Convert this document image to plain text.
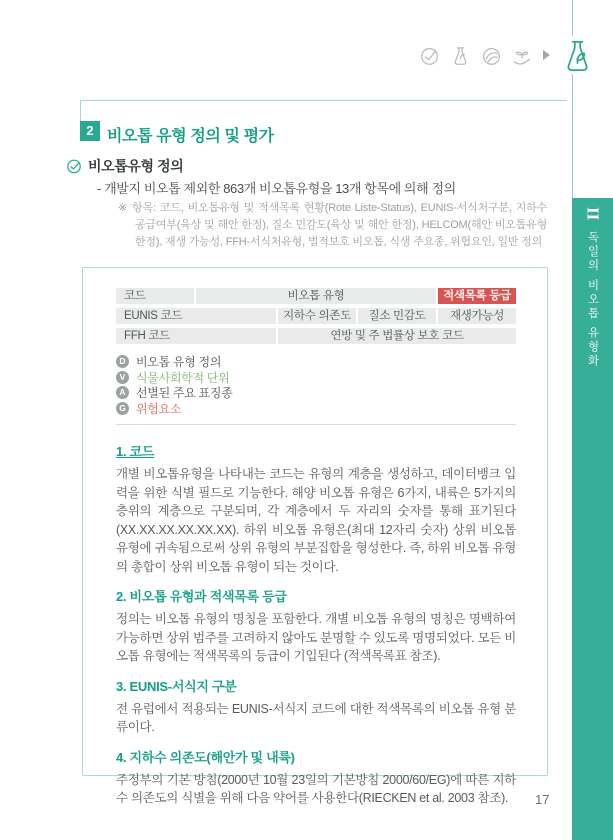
II
독일의 비오톱 유형화
2 비오톱 유형 정의 및 평가
비오톱유형 정의
- 개발지 비오톱 제외한 863개 비오톱유형을 13개 항목에 의해 정의
※ 항목: 코드, 비오톱유형 및 적색목록 현황(Rote Liste-Status), EUNIS-서식처구분, 지하수 공급여부(육상 및 해안 한정), 질소 민감도(육상 및 해안 한정), HELCOM(해안 비오톱유형 한정), 재생 가능성, FFH-서식처유형, 법적보호 비오톱, 식생 주요종, 위협요인, 일반 정의
코드	비오톱 유형	적색목록 등급
EUNIS 코드	지하수 의존도	질소 민감도	재생가능성
FFH 코드	연방 및 주 법률상 보호 코드
D 비오톱 유형 정의
V 식물사회학적 단위
A 선별된 주요 표징종
G 위험요소
1. 코드

개별 비오톱유형을 나타내는 코드는 유형의 계층을 생성하고, 데이터뱅크 입력을 위한 식별 필드로 기능한다. 해양 비오톱 유형은 6가지, 내륙은 5가지의 층위의 계층으로 구분되며, 각 계층에서 두 자리의 숫자를 통해 표기된다(XX.XX.XX.XX.XX.XX). 하위 비오톱 유형은(최대 12자리 숫자) 상위 비오톱 유형에 귀속됨으로써 상위 유형의 부분집합을 형성한다. 즉, 하위 비오톱 유형의 총합이 상위 비오톱 유형이 되는 것이다.

2. 비오톱 유형과 적색목록 등급

정의는 비오톱 유형의 명칭을 포함한다. 개별 비오톱 유형의 명칭은 명백하여 가능하면 상위 범주를 고려하지 않아도 분명할 수 있도록 명명되었다. 모든 비오톱 유형에는 적색목록의 등급이 기입된다 (적색목록표 참조).

3. EUNIS-서식지 구분

전 유럽에서 적용되는 EUNIS-서식지 코드에 대한 적색목록의 비오톱 유형 분류이다.

4. 지하수 의존도(해안가 및 내륙)

주정부의 기본 방침(2000년 10월 23일의 기본방침 2000/60/EG)에 따른 지하수 의존도의 식별을 위해 다음 약어를 사용한다(RIECKEN et al. 2003 참조).	17
